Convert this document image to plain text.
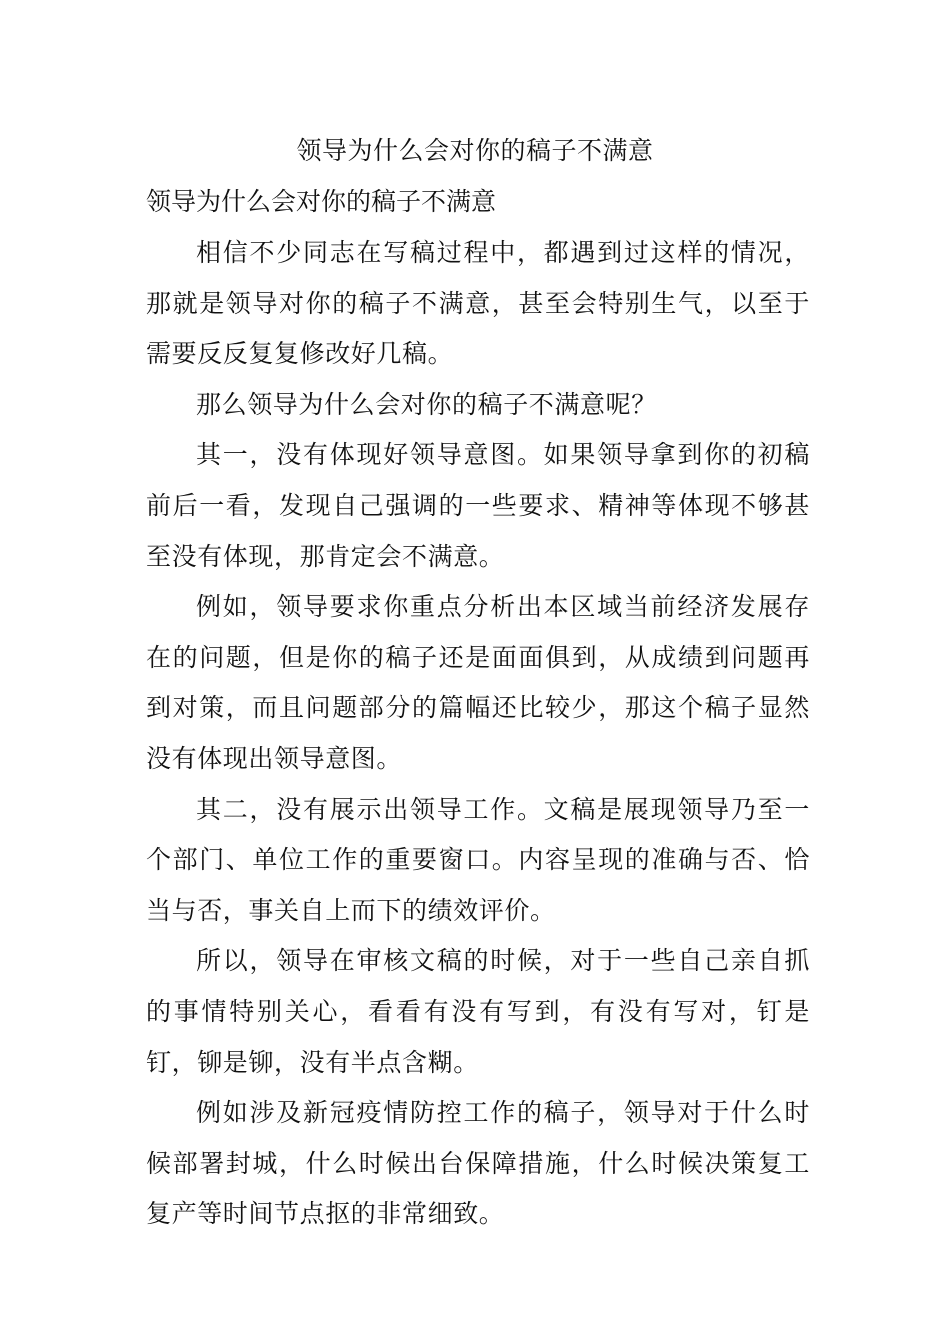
领导为什么会对你的稿子不满意
领导为什么会对你的稿子不满意

相信不少同志在写稿过程中，都遇到过这样的情况，那就是领导对你的稿子不满意，甚至会特别生气，以至于需要反反复复修改好几稿。

那么领导为什么会对你的稿子不满意呢？

其一，没有体现好领导意图。如果领导拿到你的初稿前后一看，发现自己强调的一些要求、精神等体现不够甚至没有体现，那肯定会不满意。

例如，领导要求你重点分析出本区域当前经济发展存在的问题，但是你的稿子还是面面俱到，从成绩到问题再到对策，而且问题部分的篇幅还比较少，那这个稿子显然没有体现出领导意图。

其二，没有展示出领导工作。文稿是展现领导乃至一个部门、单位工作的重要窗口。内容呈现的准确与否、恰当与否，事关自上而下的绩效评价。

所以，领导在审核文稿的时候，对于一些自己亲自抓的事情特别关心，看看有没有写到，有没有写对，钉是钉，铆是铆，没有半点含糊。

例如涉及新冠疫情防控工作的稿子，领导对于什么时候部署封城，什么时候出台保障措施，什么时候决策复工复产等时间节点抠的非常细致。
